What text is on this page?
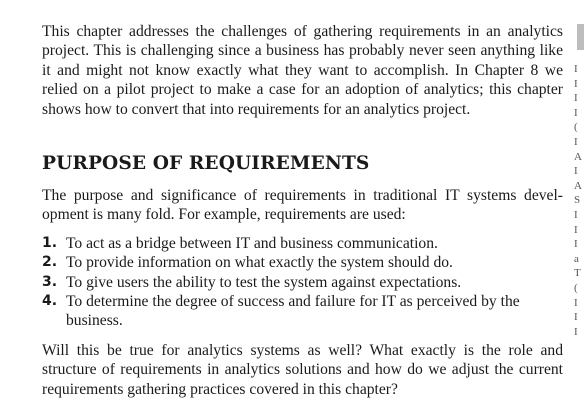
This chapter addresses the challenges of gathering requirements in an analytics project. This is challenging since a business has probably never seen anything like it and might not know exactly what they want to accomplish. In Chapter 8 we relied on a pilot project to make a case for an adoption of analytics; this chapter shows how to convert that into requirements for an analytics project.

PURPOSE OF REQUIREMENTS

The purpose and significance of requirements in traditional IT systems devel-opment is many fold. For example, requirements are used:

1. To act as a bridge between IT and business communication.
2. To provide information on what exactly the system should do.
3. To give users the ability to test the system against expectations.
4. To determine the degree of success and failure for IT as perceived by the business.

Will this be true for analytics systems as well? What exactly is the role and structure of requirements in analytics solutions and how do we adjust the current requirements gathering practices covered in this chapter?

I
I
I
I
(
I
A
I
A
S
I
I
I
a
T
(
I
I
I
